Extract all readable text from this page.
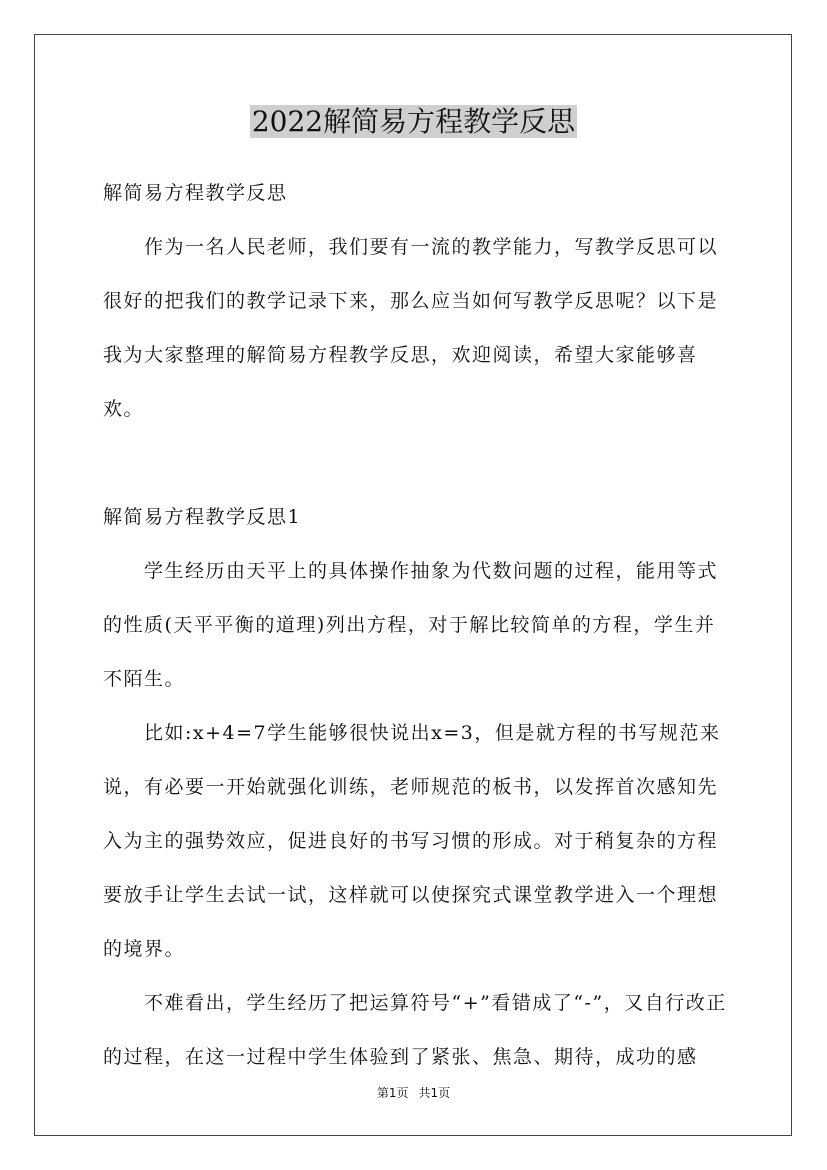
2022解简易方程教学反思

解简易方程教学反思

作为一名人民老师，我们要有一流的教学能力，写教学反思可以很好的把我们的教学记录下来，那么应当如何写教学反思呢？以下是我为大家整理的解简易方程教学反思，欢迎阅读，希望大家能够喜欢。

解简易方程教学反思1

学生经历由天平上的具体操作抽象为代数问题的过程，能用等式的性质(天平平衡的道理)列出方程，对于解比较简单的方程，学生并不陌生。

比如:x+4=7学生能够很快说出x=3，但是就方程的书写规范来说，有必要一开始就强化训练，老师规范的板书，以发挥首次感知先入为主的强势效应，促进良好的书写习惯的形成。对于稍复杂的方程要放手让学生去试一试，这样就可以使探究式课堂教学进入一个理想的境界。

不难看出，学生经历了把运算符号“+”看错成了“-”，又自行改正的过程，在这一过程中学生体验到了紧张、焦急、期待，成功的感

第1页 共1页
